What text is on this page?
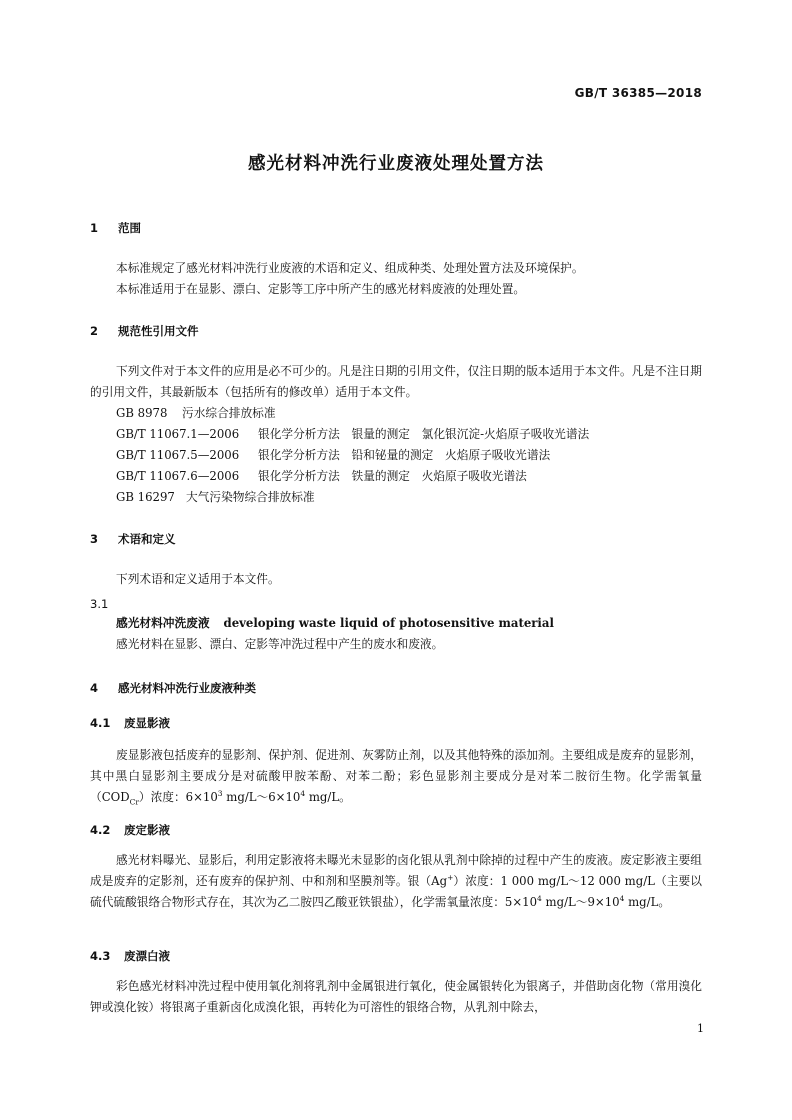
GB/T 36385—2018
感光材料冲洗行业废液处理处置方法
1 范围
本标准规定了感光材料冲洗行业废液的术语和定义、组成种类、处理处置方法及环境保护。
本标准适用于在显影、漂白、定影等工序中所产生的感光材料废液的处理处置。
2 规范性引用文件
下列文件对于本文件的应用是必不可少的。凡是注日期的引用文件，仅注日期的版本适用于本文件。凡是不注日期的引用文件，其最新版本（包括所有的修改单）适用于本文件。
GB 8978 污水综合排放标准
GB/T 11067.1—2006 银化学分析方法　银量的测定　氯化银沉淀-火焰原子吸收光谱法
GB/T 11067.5—2006 银化学分析方法　铅和铋量的测定　火焰原子吸收光谱法
GB/T 11067.6—2006 银化学分析方法　铁量的测定　火焰原子吸收光谱法
GB 16297 大气污染物综合排放标准
3 术语和定义
下列术语和定义适用于本文件。
3.1
感光材料冲洗废液 developing waste liquid of photosensitive material
感光材料在显影、漂白、定影等冲洗过程中产生的废水和废液。
4 感光材料冲洗行业废液种类
4.1 废显影液
废显影液包括废弃的显影剂、保护剂、促进剂、灰雾防止剂，以及其他特殊的添加剂。主要组成是废弃的显影剂，其中黑白显影剂主要成分是对硫酸甲胺苯酚、对苯二酚；彩色显影剂主要成分是对苯二胺衍生物。化学需氧量$(COD_{Cr})$浓度：$6\times 10^3$ $mg/L\sim 6\times 10^4$ mg/L。
4.2 废定影液
感光材料曝光、显影后，利用定影液将未曝光未显影的卤化银从乳剂中除掉的过程中产生的废液。废定影液主要组成是废弃的定影剂，还有废弃的保护剂、中和剂和坚膜剂等。银（Ag+）浓度：1 000 mg/L～12 000 mg/L（主要以硫代硫酸银络合物形式存在，其次为乙二胺四乙酸亚铁银盐），化学需氧量浓度：$5\times 10^4$ $mg/L\sim 9\times 10^4$ mg/L。
4.3 废漂白液
彩色感光材料冲洗过程中使用氧化剂将乳剂中金属银进行氧化，使金属银转化为银离子，并借助卤化物（常用溴化钾或溴化铵）将银离子重新卤化成溴化银，再转化为可溶性的银络合物，从乳剂中除去，
1
